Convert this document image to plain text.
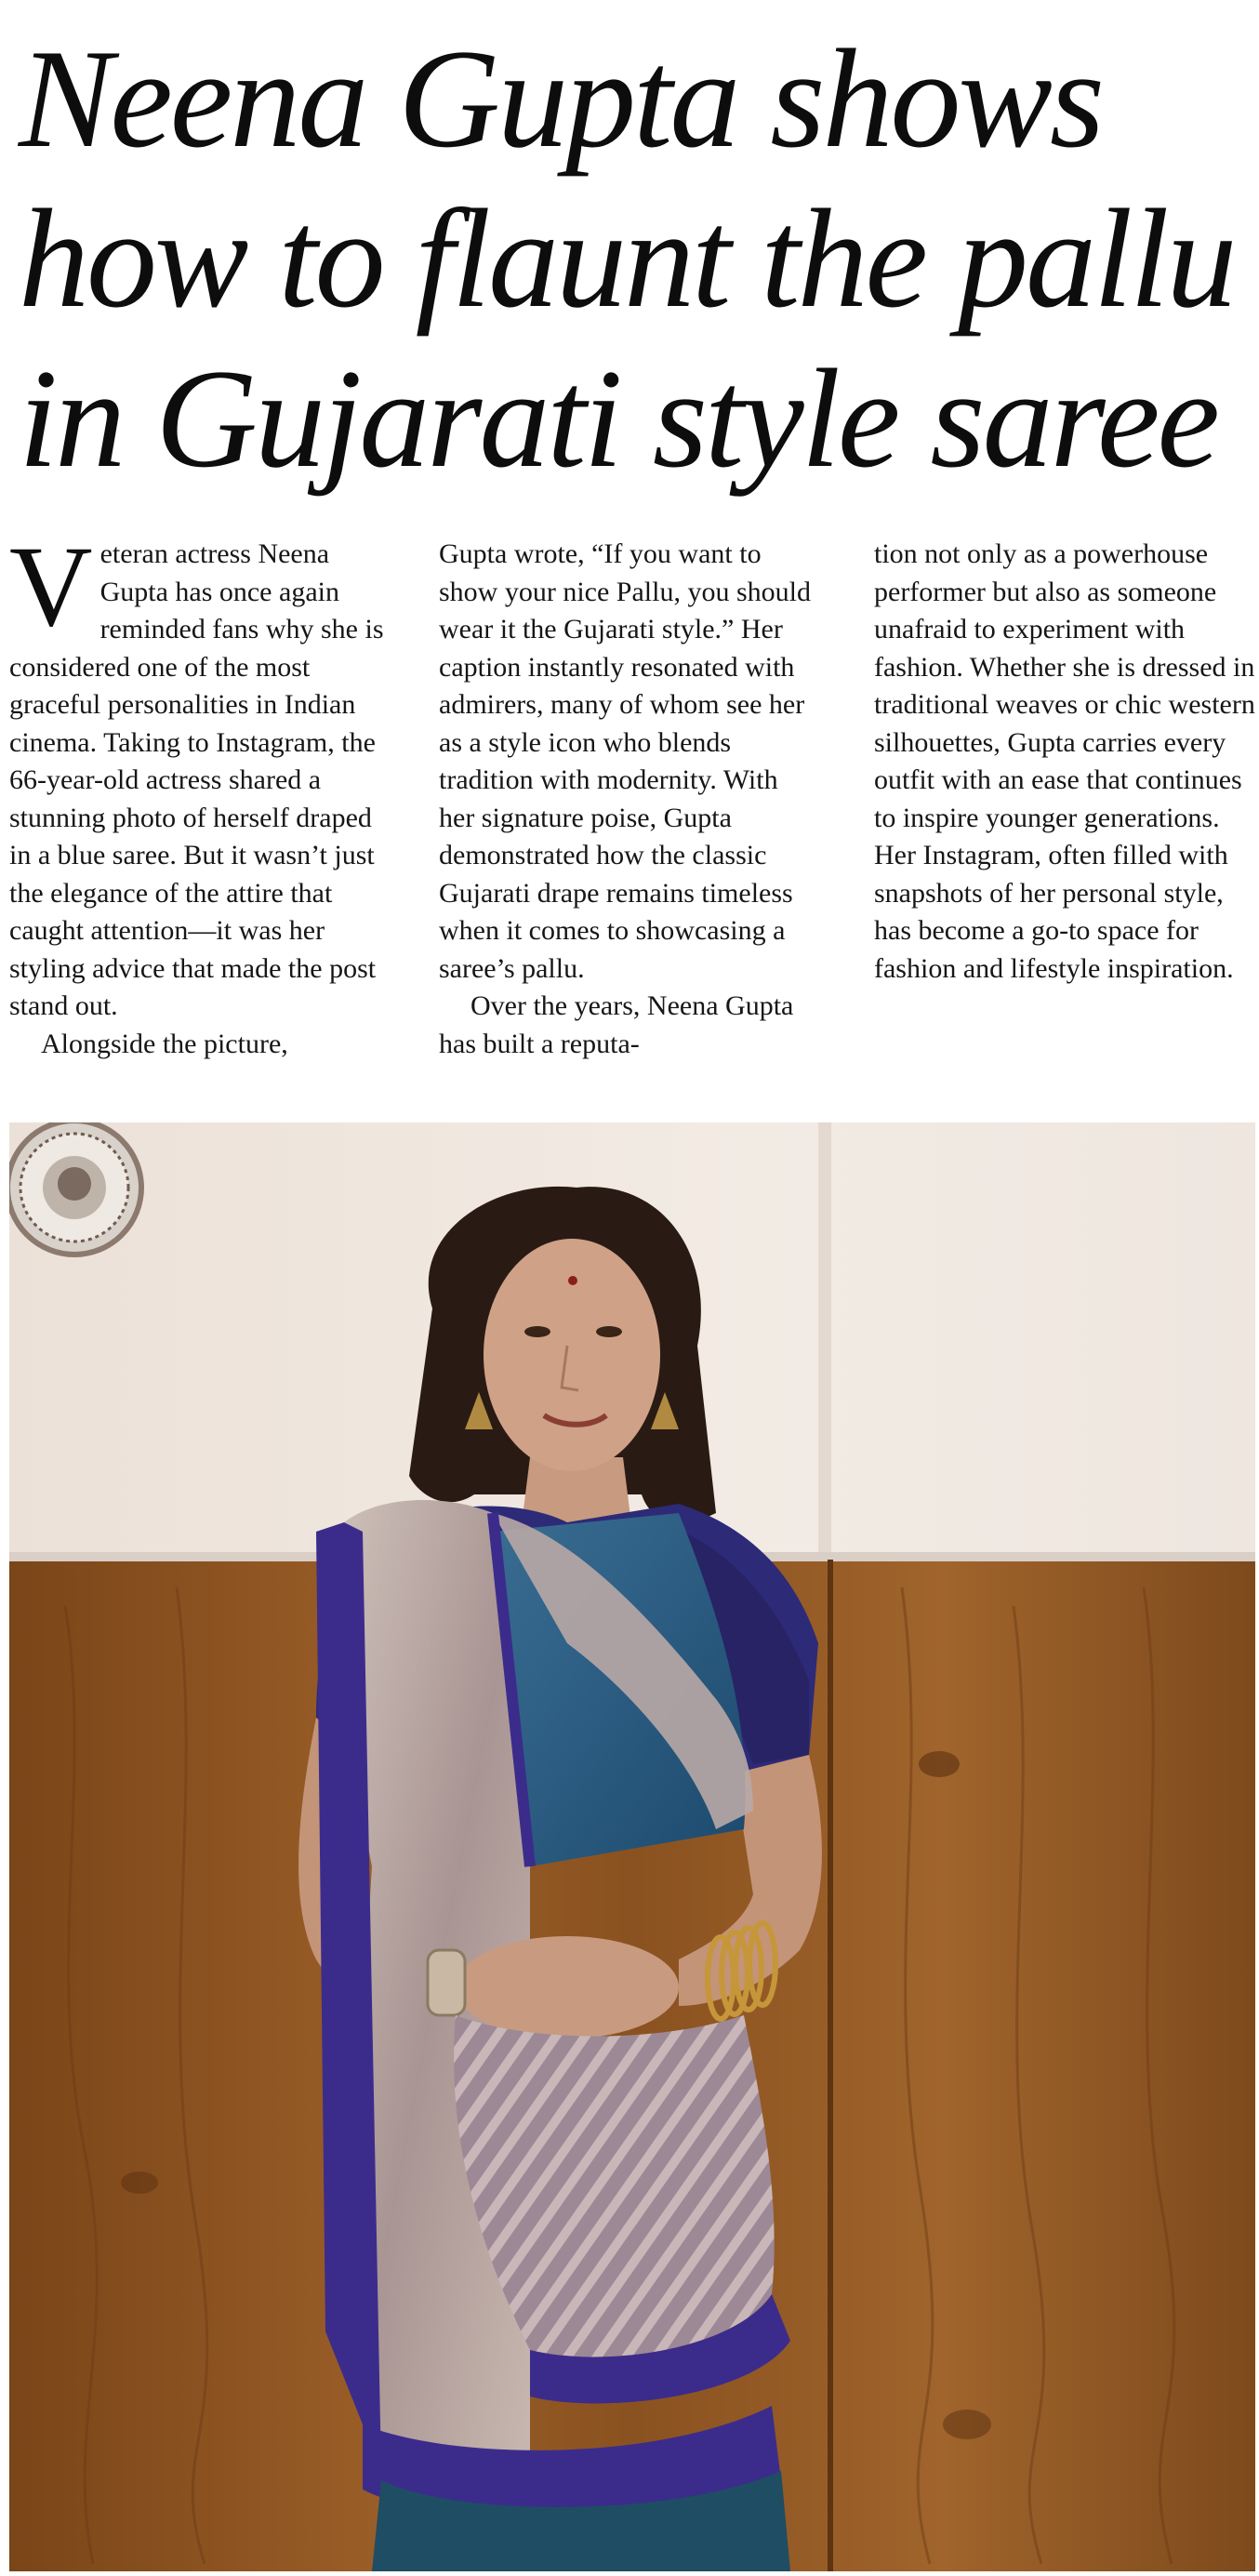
Neena Gupta shows
how to flaunt the pallu
in Gujarati style saree

Veteran actress Neena Gupta has once again reminded fans why she is considered one of the most graceful personalities in Indian cinema. Taking to Instagram, the 66-year-old actress shared a stunning photo of herself draped in a blue saree. But it wasn’t just the elegance of the attire that caught attention—it was her styling advice that made the post stand out.

Alongside the picture,

Gupta wrote, “If you want to show your nice Pallu, you should wear it the Gujarati style.” Her caption instantly resonated with admirers, many of whom see her as a style icon who blends tradition with modernity. With her signature poise, Gupta demonstrated how the classic Gujarati drape remains timeless when it comes to showcasing a saree’s pallu.

Over the years, Neena Gupta has built a reputa-

tion not only as a powerhouse performer but also as someone unafraid to experiment with fashion. Whether she is dressed in traditional weaves or chic western silhouettes, Gupta carries every outfit with an ease that continues to inspire younger generations. Her Instagram, often filled with snapshots of her personal style, has become a go-to space for fashion and lifestyle inspiration.
